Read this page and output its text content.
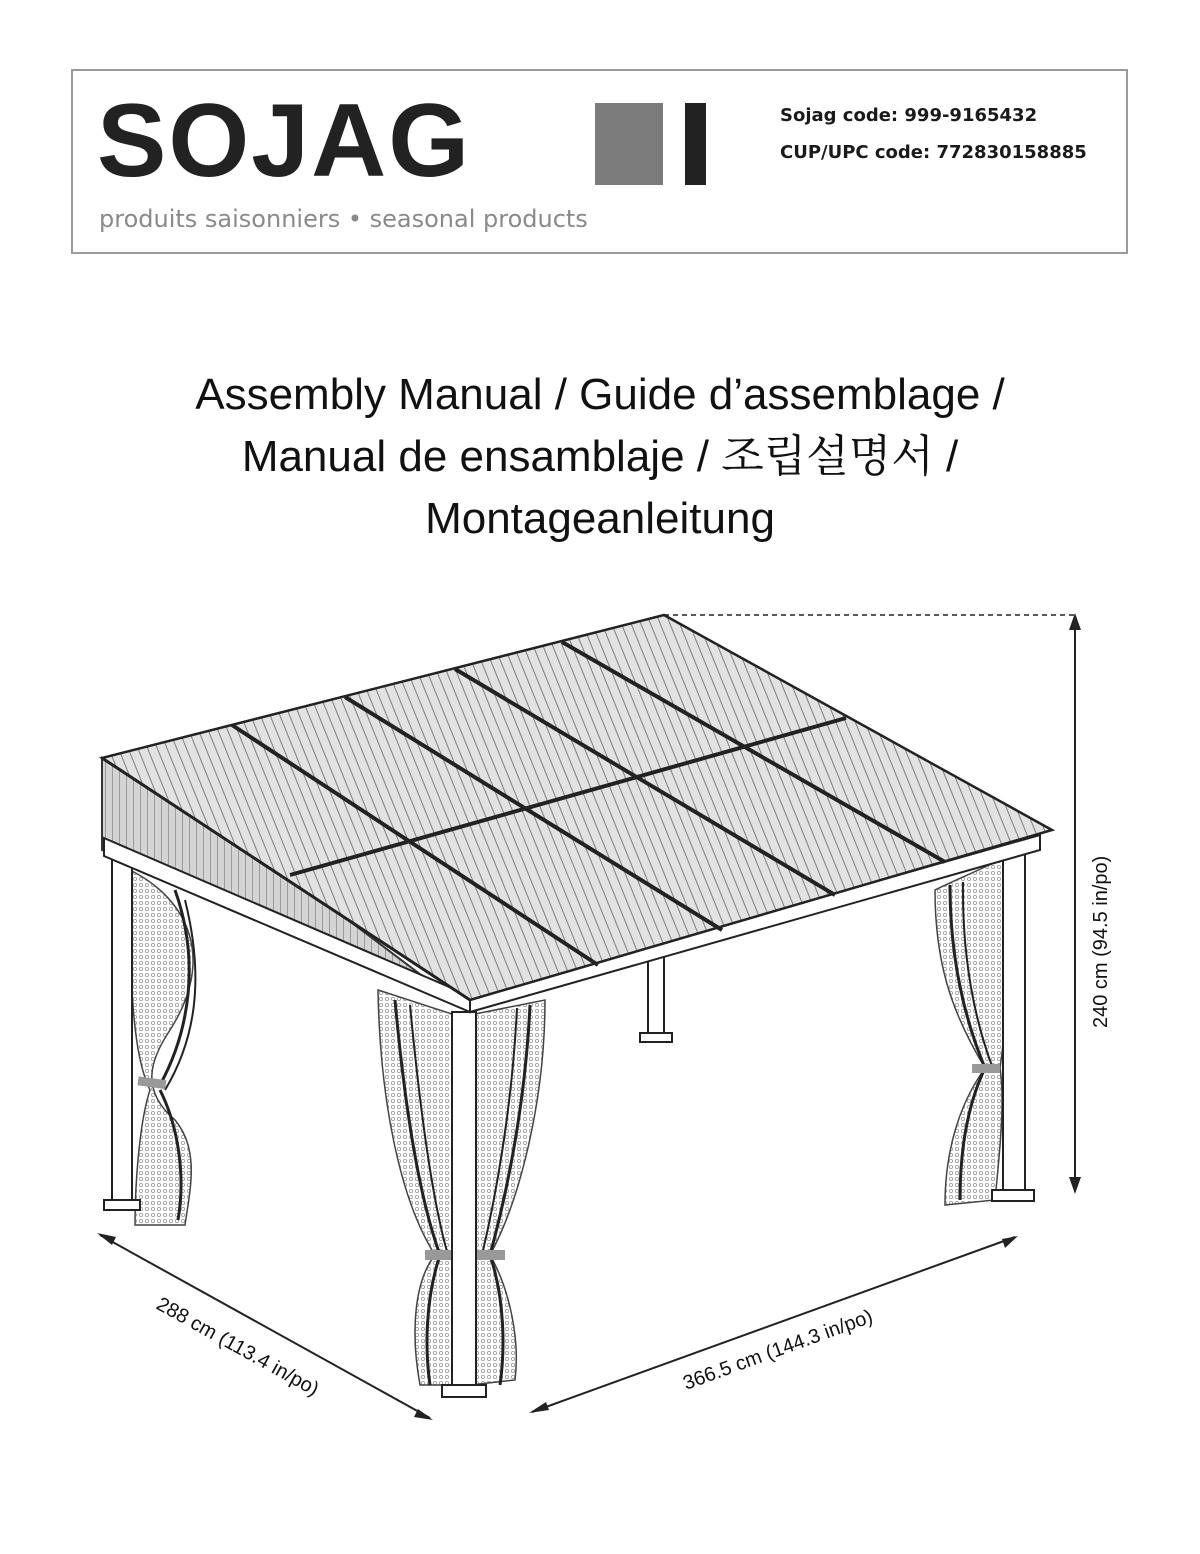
SOJAG
produits saisonniers • seasonal products
Sojag code: 999-9165432
CUP/UPC code: 772830158885
Assembly Manual / Guide d’assemblage /
Manual de ensamblaje / 조립설명서 /
Montageanleitung
240 cm (94.5 in/po)
288 cm (113.4 in/po)	366.5 cm (144.3 in/po)
